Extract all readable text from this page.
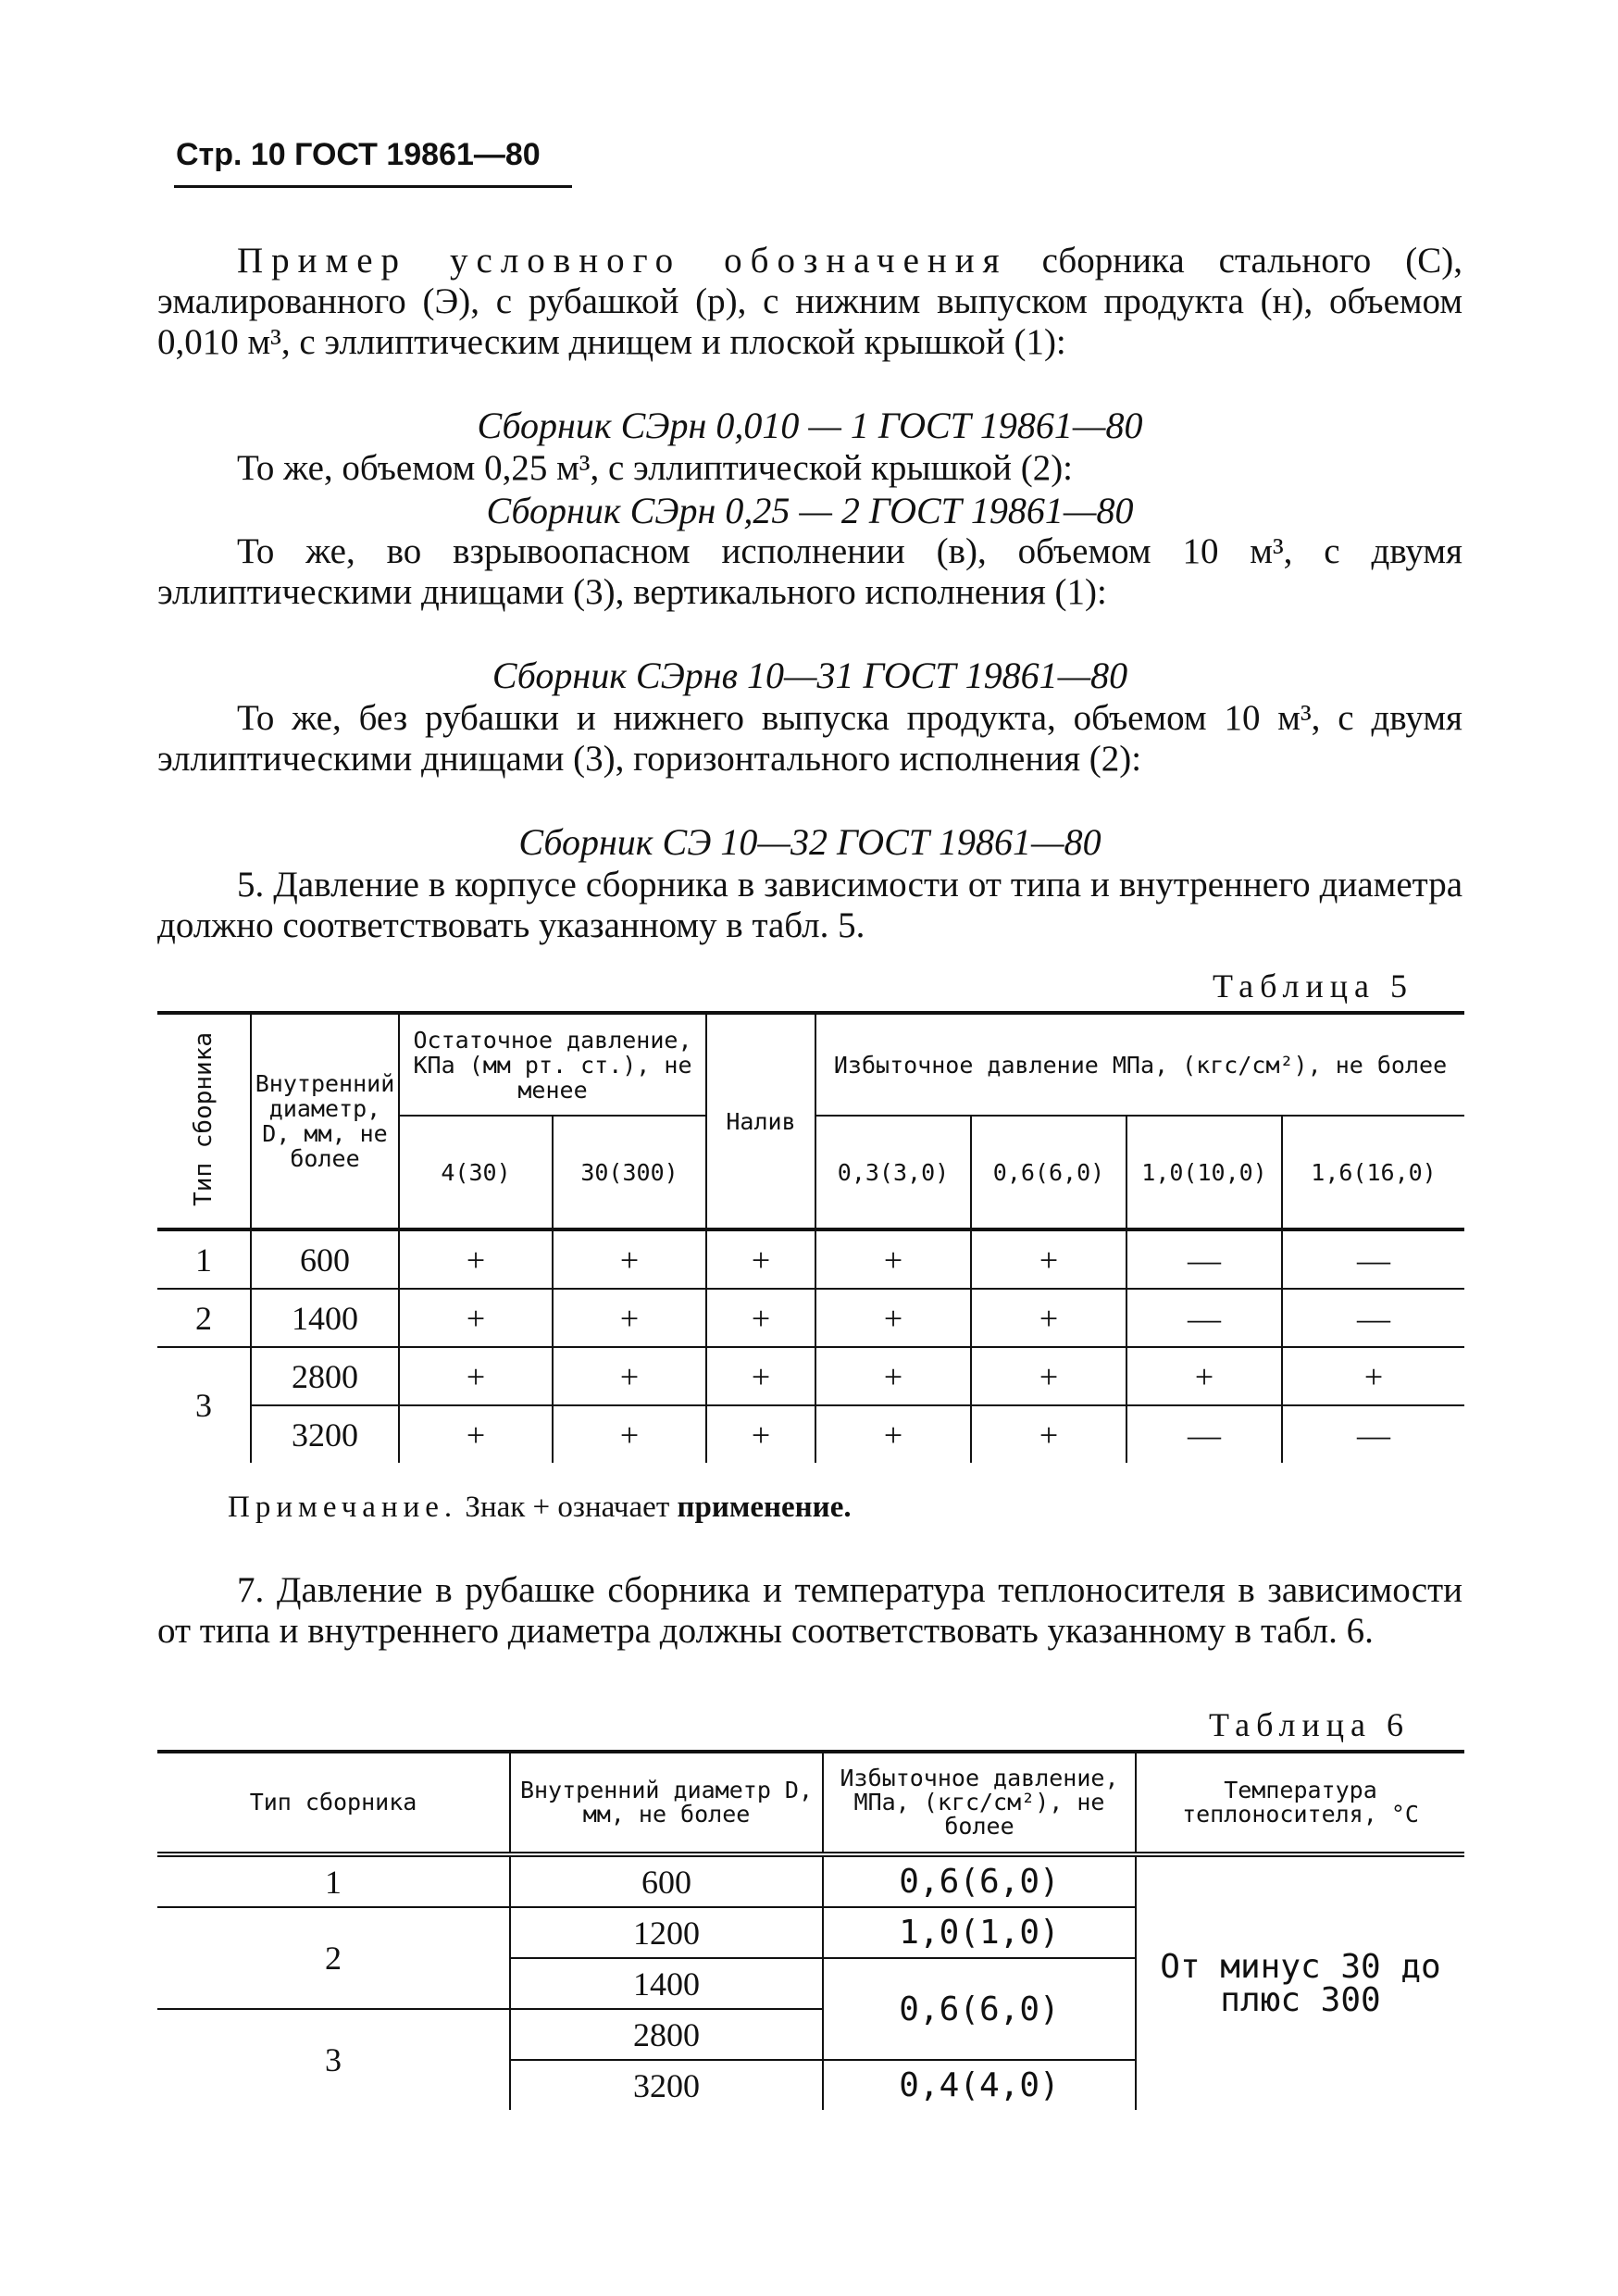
Стр. 10 ГОСТ 19861—80
Пример условного обозначения сборника стального (С), эмалированного (Э), с рубашкой (р), с нижним выпуском продукта (н), объемом 0,010 м³, с эллиптическим днищем и плоской крышкой (1):
Сборник СЭрн 0,010 — 1 ГОСТ 19861—80
То же, объемом 0,25 м³, с эллиптической крышкой (2):
Сборник СЭрн 0,25 — 2 ГОСТ 19861—80
То же, во взрывоопасном исполнении (в), объемом 10 м³, с двумя эллиптическими днищами (3), вертикального исполнения (1):
Сборник СЭрнв 10—31 ГОСТ 19861—80
То же, без рубашки и нижнего выпуска продукта, объемом 10 м³, с двумя эллиптическими днищами (3), горизонтального исполнения (2):
Сборник СЭ 10—32 ГОСТ 19861—80
5. Давление в корпусе сборника в зависимости от типа и внутреннего диаметра должно соответствовать указанному в табл. 5.
Таблица 5
Тип сборника	Внутренний диаметр, D, мм, не более	Остаточное давление, КПа (мм рт. ст.), не менее		Налив	Избыточное давление МПа, (кгс/см²), не более			
		4(30)	30(300)		0,3(3,0)	0,6(6,0)	1,0(10,0)	1,6(16,0)
1	600	+	+	+	+	+	—	—
2	1400	+	+	+	+	+	—	—
3	2800	+	+	+	+	+	+	+
	3200	+	+	+	+	+	—	—
Примечание. Знак + означает применение.
7. Давление в рубашке сборника и температура теплоносителя в зависимости от типа и внутреннего диаметра должны соответствовать указанному в табл. 6.
Таблица 6
Тип сборника	Внутренний диаметр D, мм, не более	Избыточное давление, МПа, (кгс/см²), не более	Температура теплоносителя, °С
1	600	0,6(6,0)	От минус 30 до плюс 300
2	1200	1,0(1,0)	
	1400	0,6(6,0)	
3	2800		
	3200	0,4(4,0)	
